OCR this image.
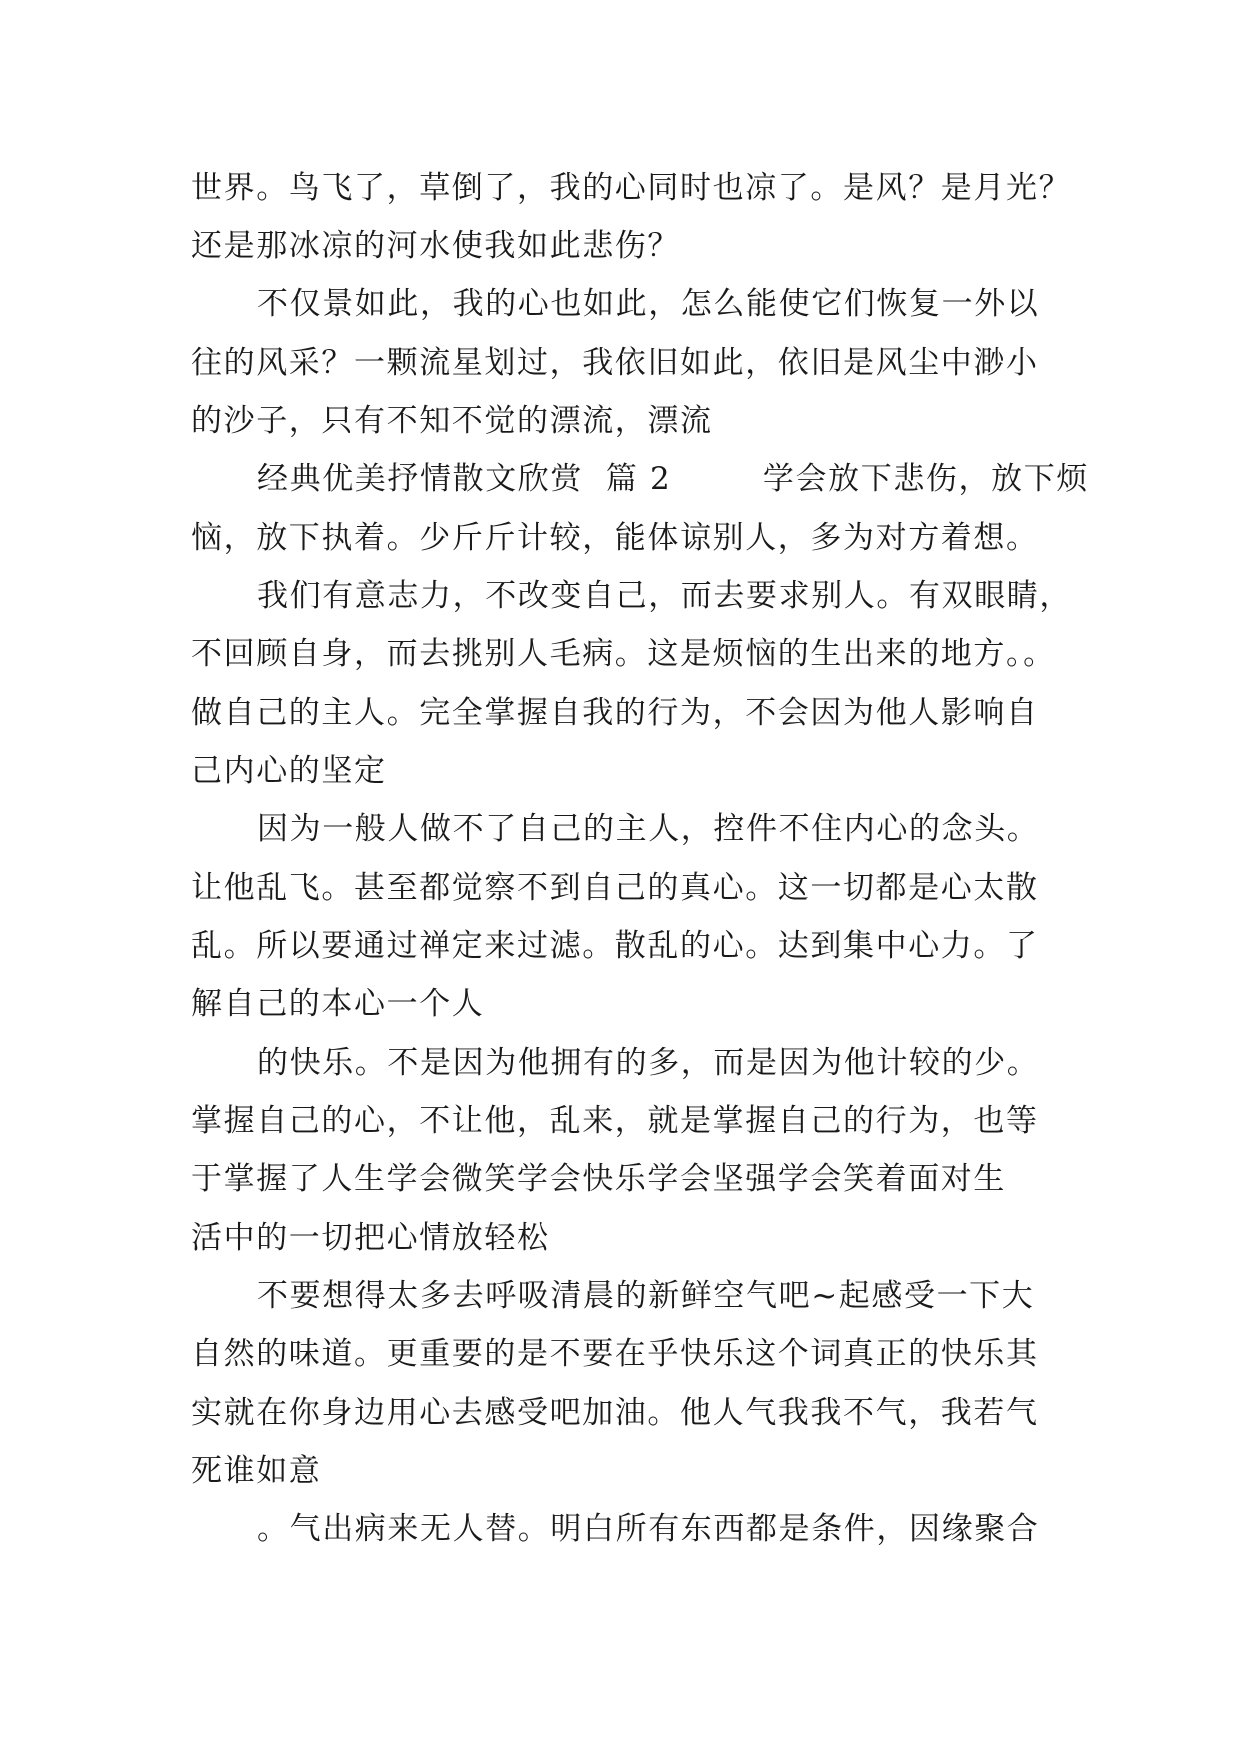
世界。鸟飞了，草倒了，我的心同时也凉了。是风？是月光？
还是那冰凉的河水使我如此悲伤？
不仅景如此，我的心也如此，怎么能使它们恢复一外以
往的风采？一颗流星划过，我依旧如此，依旧是风尘中渺小
的沙子，只有不知不觉的漂流，漂流
经典优美抒情散文欣赏  篇 2        学会放下悲伤，放下烦
恼，放下执着。少斤斤计较，能体谅别人，多为对方着想。
我们有意志力，不改变自己，而去要求别人。有双眼睛，
不回顾自身，而去挑别人毛病。这是烦恼的生出来的地方。。
做自己的主人。完全掌握自我的行为，不会因为他人影响自
己内心的坚定
因为一般人做不了自己的主人，控件不住内心的念头。
让他乱飞。甚至都觉察不到自己的真心。这一切都是心太散
乱。所以要通过禅定来过滤。散乱的心。达到集中心力。了
解自己的本心一个人
的快乐。不是因为他拥有的多，而是因为他计较的少。
掌握自己的心，不让他，乱来，就是掌握自己的行为，也等
于掌握了人生学会微笑学会快乐学会坚强学会笑着面对生
活中的一切把心情放轻松
不要想得太多去呼吸清晨的新鲜空气吧~起感受一下大
自然的味道。更重要的是不要在乎快乐这个词真正的快乐其
实就在你身边用心去感受吧加油。他人气我我不气，我若气
死谁如意
。气出病来无人替。明白所有东西都是条件，因缘聚合
